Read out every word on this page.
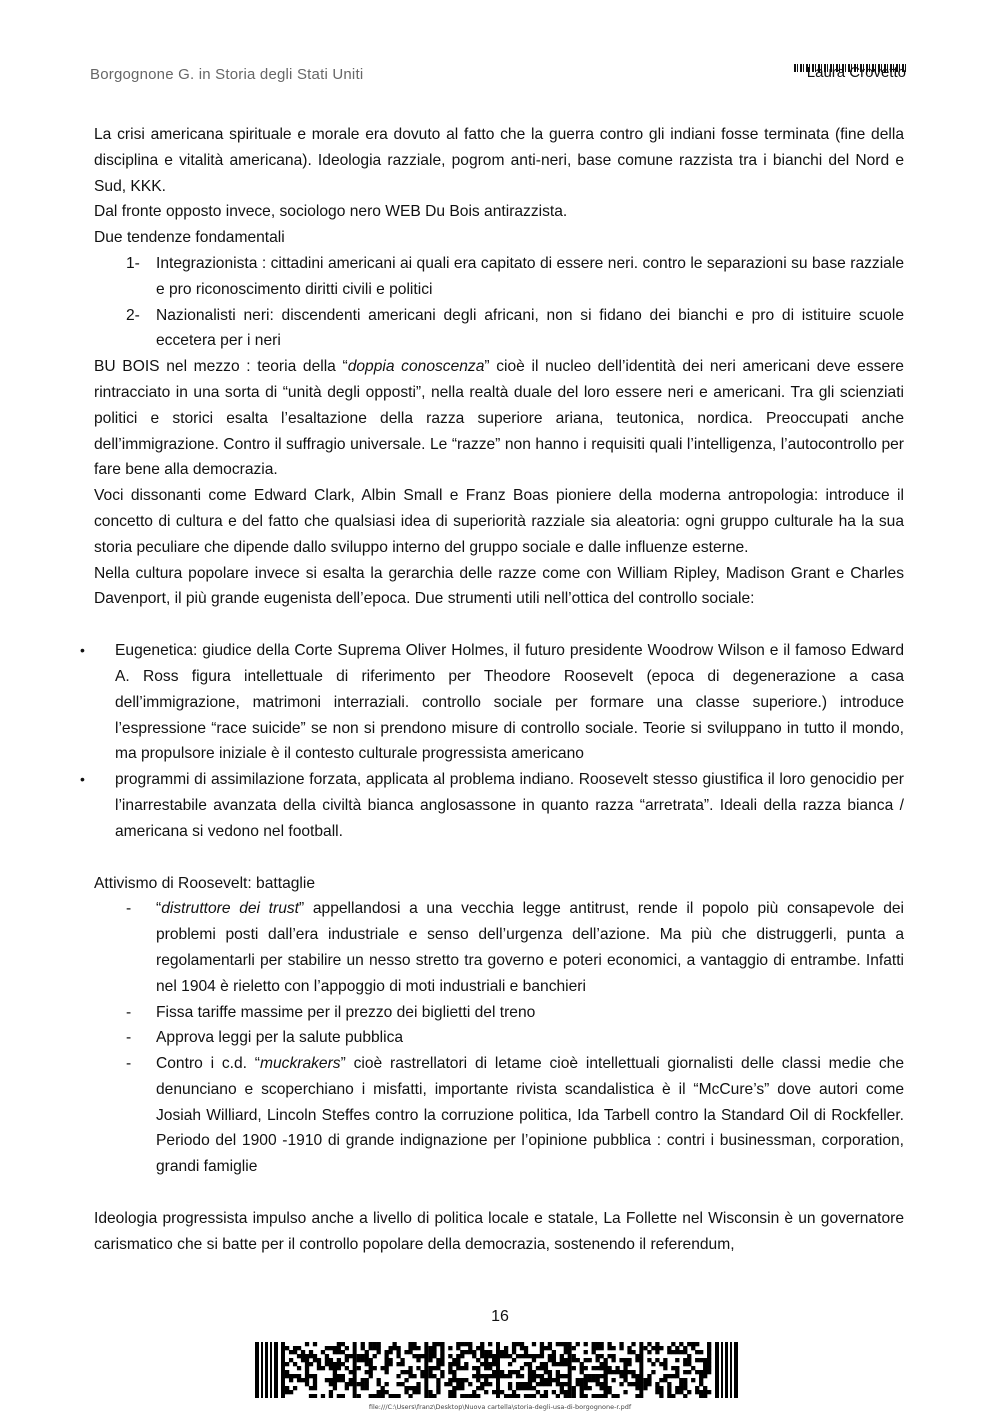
Borgognone G. in Storia degli Stati Uniti	Laura Crovetto

La crisi americana spirituale e morale era dovuto al fatto che la guerra contro gli indiani fosse terminata (fine della disciplina e vitalità americana). Ideologia razziale, pogrom anti-neri, base comune razzista tra i bianchi del Nord e Sud, KKK.

Dal fronte opposto invece, sociologo nero WEB Du Bois antirazzista.

Due tendenze fondamentali

1- Integrazionista : cittadini americani ai quali era capitato di essere neri. contro le separazioni su base razziale e pro riconoscimento diritti civili e politici
2- Nazionalisti neri: discendenti americani degli africani, non si fidano dei bianchi e pro di istituire scuole eccetera per i neri

BU BOIS nel mezzo : teoria della “doppia conoscenza” cioè il nucleo dell’identità dei neri americani deve essere rintracciato in una sorta di “unità degli opposti”, nella realtà duale del loro essere neri e americani. Tra gli scienziati politici e storici esalta l’esaltazione della razza superiore ariana, teutonica, nordica. Preoccupati anche dell’immigrazione. Contro il suffragio universale. Le “razze” non hanno i requisiti quali l’intelligenza, l’autocontrollo per fare bene alla democrazia.

Voci dissonanti come Edward Clark, Albin Small e Franz Boas pioniere della moderna antropologia: introduce il concetto di cultura e del fatto che qualsiasi idea di superiorità razziale sia aleatoria: ogni gruppo culturale ha la sua storia peculiare che dipende dallo sviluppo interno del gruppo sociale e dalle influenze esterne.

Nella cultura popolare invece si esalta la gerarchia delle razze come con William Ripley, Madison Grant e Charles Davenport, il più grande eugenista dell’epoca. Due strumenti utili nell’ottica del controllo sociale:

• Eugenetica: giudice della Corte Suprema Oliver Holmes, il futuro presidente Woodrow Wilson e il famoso Edward A. Ross figura intellettuale di riferimento per Theodore Roosevelt (epoca di degenerazione a casa dell’immigrazione, matrimoni interraziali. controllo sociale per formare una classe superiore.) introduce l’espressione “race suicide” se non si prendono misure di controllo sociale. Teorie si sviluppano in tutto il mondo, ma propulsore iniziale è il contesto culturale progressista americano
• programmi di assimilazione forzata, applicata al problema indiano. Roosevelt stesso giustifica il loro genocidio per l’inarrestabile avanzata della civiltà bianca anglosassone in quanto razza “arretrata”. Ideali della razza bianca / americana si vedono nel football.

Attivismo di Roosevelt: battaglie

- “distruttore dei trust” appellandosi a una vecchia legge antitrust, rende il popolo più consapevole dei problemi posti dall’era industriale e senso dell’urgenza dell’azione. Ma più che distruggerli, punta a regolamentarli per stabilire un nesso stretto tra governo e poteri economici, a vantaggio di entrambe. Infatti nel 1904 è rieletto con l’appoggio di moti industriali e banchieri
- Fissa tariffe massime per il prezzo dei biglietti del treno
- Approva leggi per la salute pubblica
- Contro i c.d. “muckrakers” cioè rastrellatori di letame cioè intellettuali giornalisti delle classi medie che denunciano e scoperchiano i misfatti, importante rivista scandalistica è il “McCure’s” dove autori come Josiah Williard, Lincoln Steffes contro la corruzione politica, Ida Tarbell contro la Standard Oil di Rockfeller. Periodo del 1900 -1910 di grande indignazione per l’opinione pubblica : contri i businessman, corporation, grandi famiglie

Ideologia progressista impulso anche a livello di politica locale e statale, La Follette nel Wisconsin è un governatore carismatico che si batte per il controllo popolare della democrazia, sostenendo il referendum,

16
file:///C:\Users\franz\Desktop\Nuova cartella\storia-degli-usa-di-borgognone-r.pdf
